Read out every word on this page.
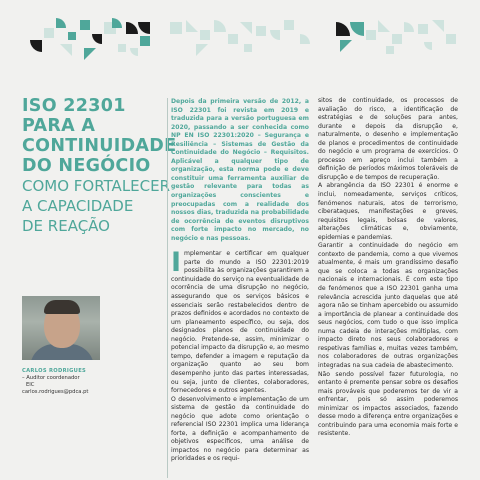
ISO 22301

PARA A

CONTINUIDADE

DO NEGÓCIO

COMO FORTALECER

A CAPACIDADE

DE REAÇÃO

CARLOS RODRIGUES
– Auditor coordenador
EIC
carlos.rodrigues@pdca.pt

Depois da primeira versão de 2012, a ISO 22301 foi revista em 2019 e traduzida para a versão portuguesa em 2020, passando a ser conhecida como NP EN ISO 22301:2020 – Segurança e Resiliência – Sistemas de Gestão da Continuidade do Negócio – Requisitos. Aplicável a qualquer tipo de organização, esta norma pode e deve constituir uma ferramenta auxiliar de gestão relevante para todas as organizações conscientes e preocupadas com a realidade dos nossos dias, traduzida na probabilidade de ocorrência de eventos disruptivos com forte impacto no mercado, no negócio e nas pessoas.

Implementar e certificar em qualquer parte do mundo a ISO 22301:2019 possibilita às organizações garantirem a continuidade do serviço na eventualidade de ocorrência de uma disrupção no negócio, assegurando que os serviços básicos e essenciais serão restabelecidos dentro de prazos definidos e acordados no contexto de um planeamento específico, ou seja, dos designados planos de continuidade do negócio. Pretende-se, assim, minimizar o potencial impacto da disrupção e, ao mesmo tempo, defender a imagem e reputação da organização quanto ao seu bom desempenho junto das partes interessadas, ou seja, junto de clientes, colaboradores, fornecedores e outros agentes.

O desenvolvimento e implementação de um sistema de gestão da continuidade do negócio que adote como orientação o referencial ISO 22301 implica uma liderança forte, a definição e acompanhamento de objetivos específicos, uma análise de impactos no negócio para determinar as prioridades e os requi-

sitos de continuidade, os processos de avaliação do risco, a identificação de estratégias e de soluções para antes, durante e depois da disrupção e, naturalmente, o desenho e implementação de planos e procedimentos de continuidade do negócio e um programa de exercícios. O processo em apreço inclui também a definição de períodos máximos toleráveis de disrupção e de tempos de recuperação.

A abrangência da ISO 22301 é enorme e inclui, nomeadamente, serviços críticos, fenómenos naturais, atos de terrorismo, ciberataques, manifestações e greves, requisitos legais, bolsas de valores, alterações climáticas e, obviamente, epidemias e pandemias.

Garantir a continuidade do negócio em contexto de pandemia, como a que vivemos atualmente, é mais um grandíssimo desafio que se coloca a todas as organizações nacionais e internacionais. É com este tipo de fenómenos que a ISO 22301 ganha uma relevância acrescida junto daquelas que até agora não se tinham apercebido ou assumido a importância de planear a continuidade dos seus negócios, com tudo o que isso implica numa cadeia de interações múltiplas, com impacto direto nos seus colaboradores e respetivas famílias e, muitas vezes também, nos colaboradores de outras organizações integradas na sua cadeia de abastecimento.

Não sendo possível fazer futurologia, no entanto é premente pensar sobre os desafios mais prováveis que poderemos ter de vir a enfrentar, pois só assim poderemos minimizar os impactos associados, fazendo desse modo a diferença entre organizações e contribuindo para uma economia mais forte e resistente.
